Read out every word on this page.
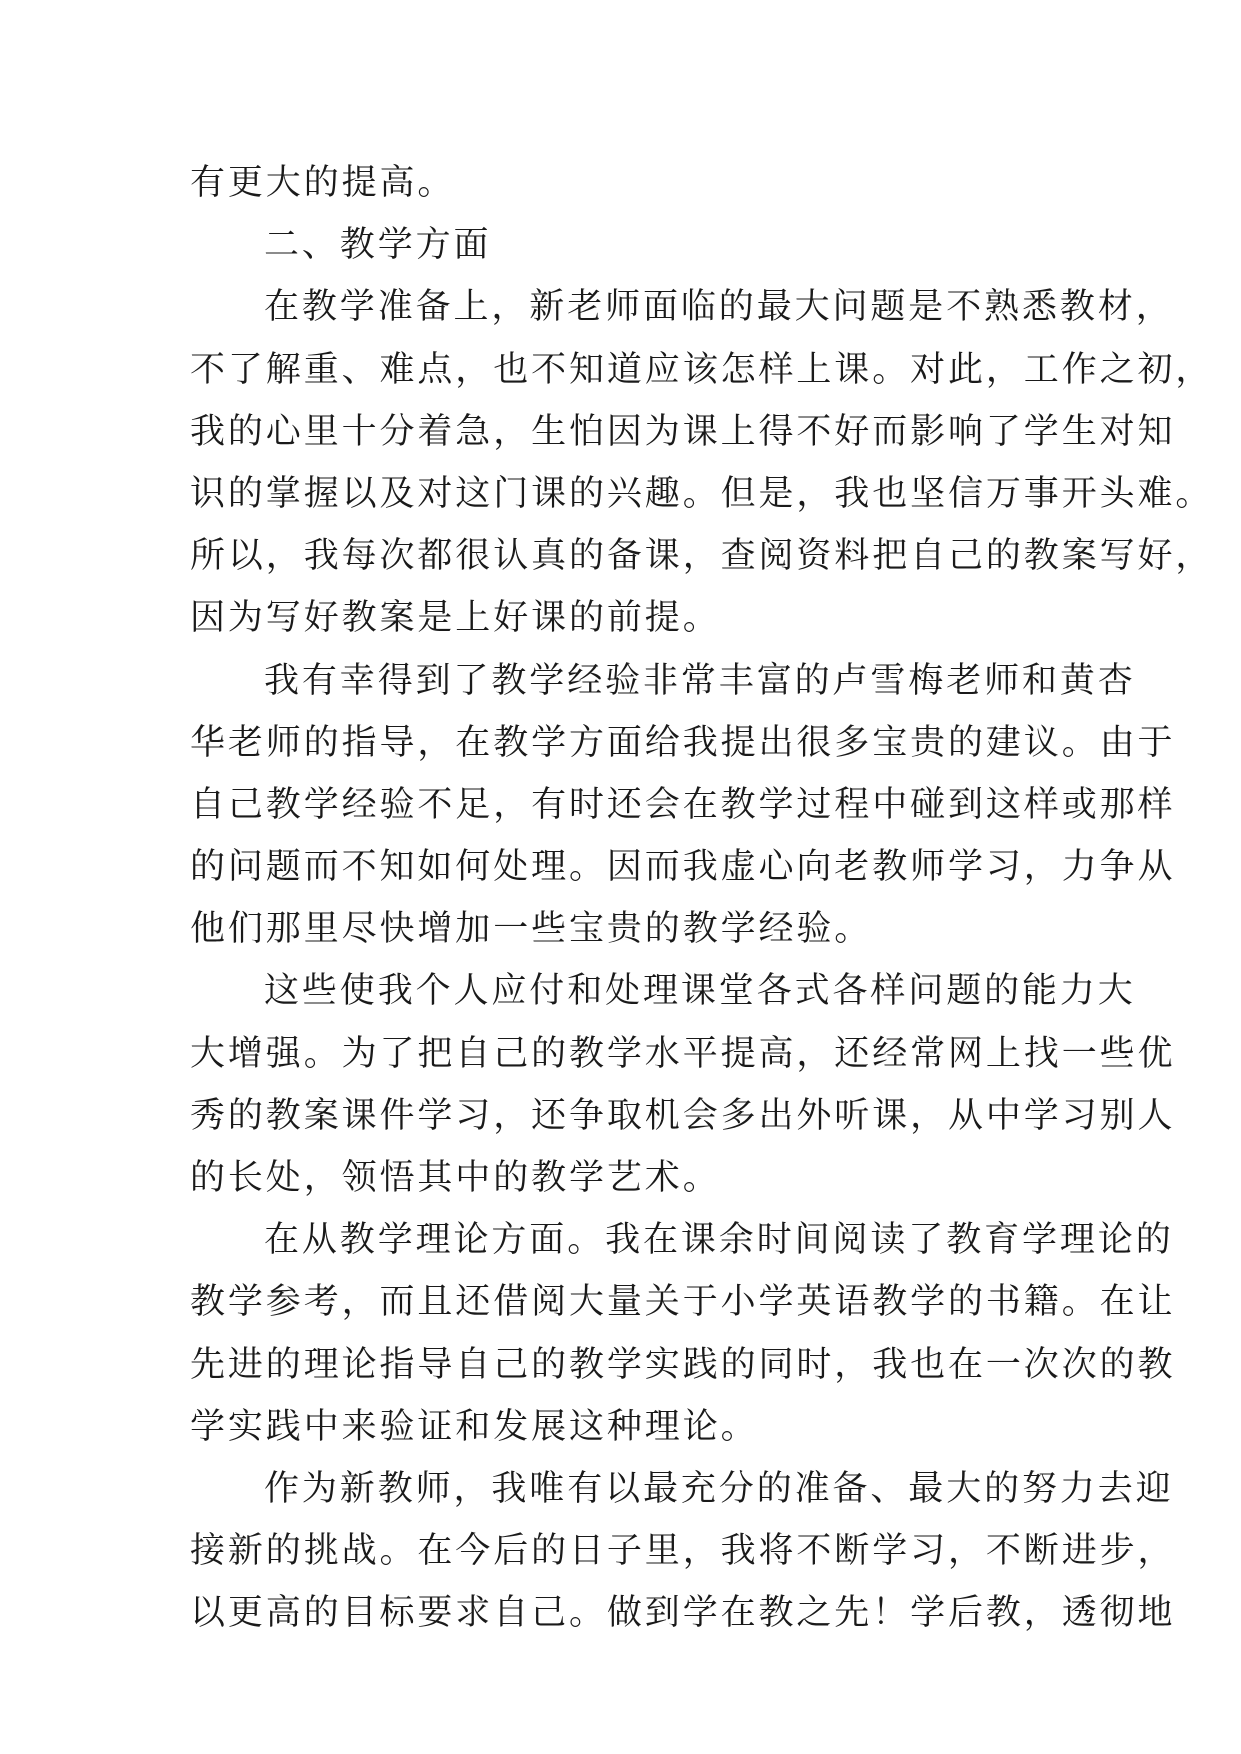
有更大的提高。
二、教学方面
在教学准备上，新老师面临的最大问题是不熟悉教材，
不了解重、难点，也不知道应该怎样上课。对此，工作之初，
我的心里十分着急，生怕因为课上得不好而影响了学生对知
识的掌握以及对这门课的兴趣。但是，我也坚信万事开头难。
所以，我每次都很认真的备课，查阅资料把自己的教案写好，
因为写好教案是上好课的前提。
我有幸得到了教学经验非常丰富的卢雪梅老师和黄杏
华老师的指导，在教学方面给我提出很多宝贵的建议。由于
自己教学经验不足，有时还会在教学过程中碰到这样或那样
的问题而不知如何处理。因而我虚心向老教师学习，力争从
他们那里尽快增加一些宝贵的教学经验。
这些使我个人应付和处理课堂各式各样问题的能力大
大增强。为了把自己的教学水平提高，还经常网上找一些优
秀的教案课件学习，还争取机会多出外听课，从中学习别人
的长处，领悟其中的教学艺术。
在从教学理论方面。我在课余时间阅读了教育学理论的
教学参考，而且还借阅大量关于小学英语教学的书籍。在让
先进的理论指导自己的教学实践的同时，我也在一次次的教
学实践中来验证和发展这种理论。
作为新教师，我唯有以最充分的准备、最大的努力去迎
接新的挑战。在今后的日子里，我将不断学习，不断进步，
以更高的目标要求自己。做到学在教之先！学后教，透彻地
